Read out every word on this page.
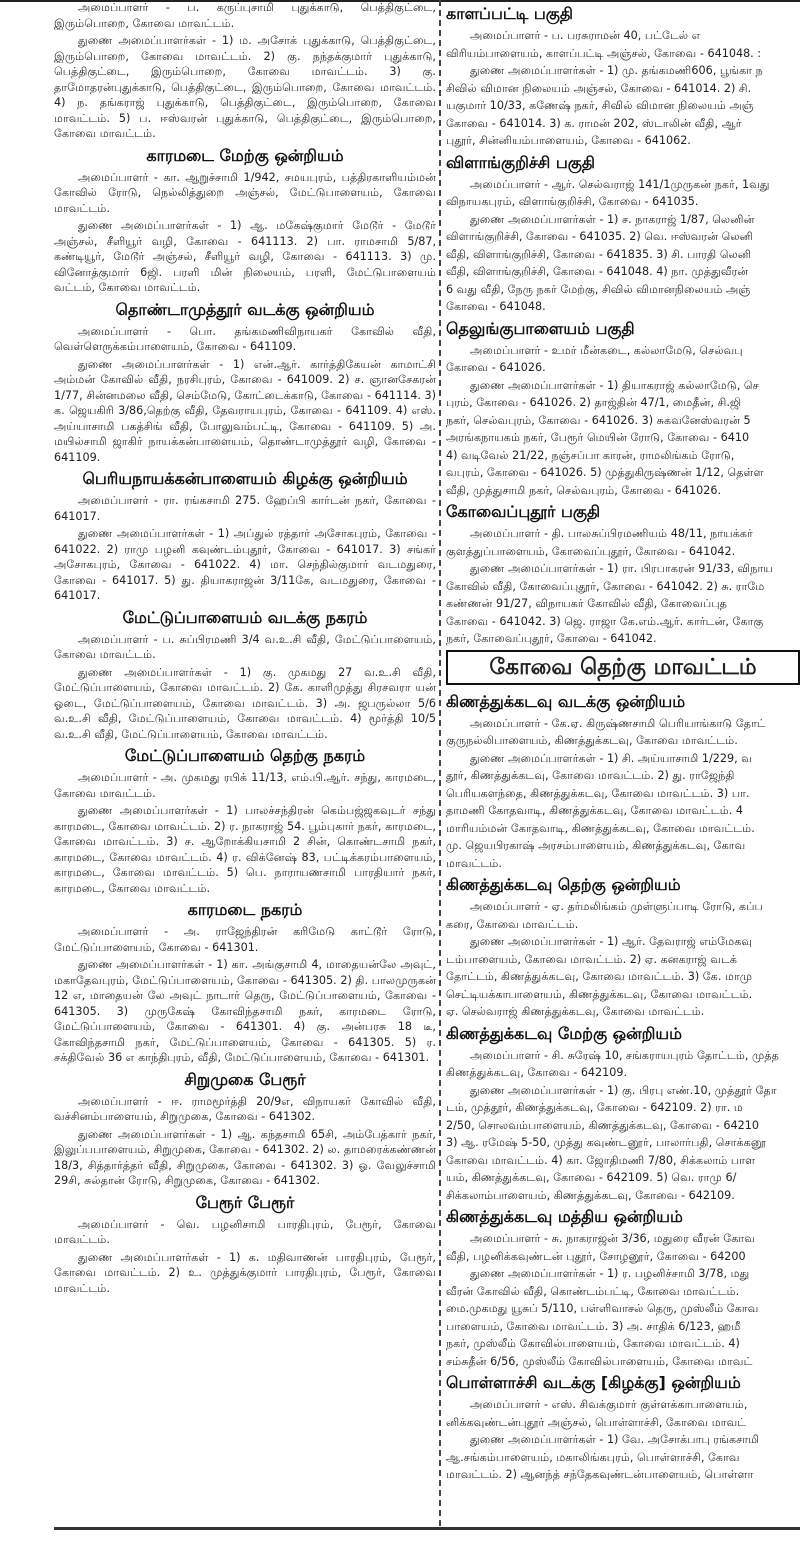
அமைப்பாளர் - ப. கருப்புசாமி புதுக்காடு, பெத்திகுட்டை, இரும்பொறை, கோவை மாவட்டம்.

துணை அமைப்பாளர்கள் - 1) ம. அசோக் புதுக்காடு, பெத்திகுட்டை, இரும்பொறை, கோவை மாவட்டம். 2) கு. நந்தக்குமார் புதுக்காடு, பெத்திகுட்டை, இரும்பொறை, கோவை மாவட்டம். 3) கு. தாமோதரன்புதுக்காடு, பெத்திகுட்டை, இரும்பொறை, கோவை மாவட்டம். 4) ந. தங்கராஜ் புதுக்காடு, பெத்திகுட்டை, இரும்பொறை, கோவை மாவட்டம். 5) ப. ஈஸ்வரன் புதுக்காடு, பெத்திகுட்டை, இரும்பொறை, கோவை மாவட்டம்.

காரமடை மேற்கு ஒன்றியம்

அமைப்பாளர் - கா. ஆறுச்சாமி 1/942, சமயபுரம், பத்திரகாளியம்மன் கோவில் ரோடு, நெல்லித்துறை அஞ்சல், மேட்டுபாளையம், கோவை மாவட்டம்.

துணை அமைப்பாளர்கள் - 1) ஆ. மகேஷ்குமார் மேடூர் - மேடூர் அஞ்சல், சீளியூர் வழி, கோவை - 641113. 2) பா. ராமசாமி 5/87, கண்டியூர், மேடூர் அஞ்சல், சீளியூர் வழி, கோவை - 641113. 3) மு. வினோத்குமார் 6ஜி. பரளி மின் நிலையம், பரளி, மேட்டுபாளையம் வட்டம், கோவை மாவட்டம்.

தொண்டாமுத்தூர் வடக்கு ஒன்றியம்

அமைப்பாளர் - பொ. தங்கமணிவிநாயகர் கோவில் வீதி, வெள்ளெருக்கம்பாளையம், கோவை - 641109.

துணை அமைப்பாளர்கள் - 1) என்.ஆர். கார்த்திகேயன் காமாட்சி அம்மன் கோவில் வீதி, நரசிபுரம், கோவை - 641009. 2) ச. ஞானசேகரன் 1/77, சின்னமலை வீதி, செம்மேடு, கோட்டைக்காடு, கோவை - 641114. 3) க. ஜெயகிரி 3/86,தெற்கு வீதி, தேவராயபுரம், கோவை - 641109. 4) எஸ். அய்யாசாமி பகத்சிங் வீதி, போலுவம்பட்டி, கோவை - 641109. 5) அ. மயில்சாமி ஜாகிர் நாயக்கன்பாளையம், தொண்டாமுத்தூர் வழி, கோவை - 641109.

பெரியநாயக்கன்பாளையம் கிழக்கு ஒன்றியம்

அமைப்பாளர் - ரா. ரங்கசாமி 275. ஹேப்பி கார்டன் நகர், கோவை - 641017.

துணை அமைப்பாளர்கள் - 1) அப்துல் ரத்தார் அசோகபுரம், கோவை - 641022. 2) ராமு பழனி கவுண்டம்புதூர், கோவை - 641017. 3) சங்கர் அசோகபுரம், கோவை - 641022. 4) மா. செந்தில்குமார் வடமதுரை, கோவை - 641017. 5) து. தியாகராஜன் 3/11கே, வடமதுரை, கோவை - 641017.

மேட்டுப்பாளையம் வடக்கு நகரம்

அமைப்பாளர் - ப. சுப்பிரமணி 3/4 வ.உ.சி வீதி, மேட்டுப்பாளையம், கோவை மாவட்டம்.

துணை அமைப்பாளர்கள் - 1) கு. முகமது 27 வ.உ.சி வீதி, மேட்டுப்பாளையம், கோவை மாவட்டம். 2) கே. காளிமுத்து சிரசவரா யன் ஓடை, மேட்டுப்பாளையம், கோவை மாவட்டம். 3) அ. ஜபருல்லா 5/6 வ.உ.சி வீதி, மேட்டுப்பாளையம், கோவை மாவட்டம். 4) மூர்த்தி 10/5 வ.உ.சி வீதி, மேட்டுப்பாளையம், கோவை மாவட்டம்.

மேட்டுப்பாளையம் தெற்கு நகரம்

அமைப்பாளர் - அ. முகமது ரபிக் 11/13, எம்.பி.ஆர். சந்து, காரமடை, கோவை மாவட்டம்.

துணை அமைப்பாளர்கள் - 1) பாலச்சந்திரன் கெம்பஜ்ஜகவுடர் சந்து காரமடை, கோவை மாவட்டம். 2) ர. நாகராஜ் 54. பூம்புகார் நகர், காரமடை, கோவை மாவட்டம். 3) ச. ஆறோக்கியசாமி 2 சின், கொண்டசாமி நகர், காரமடை, கோவை மாவட்டம். 4) ர. விக்னேஷ் 83, பட்டிக்கரம்பாளையம், காரமடை, கோவை மாவட்டம். 5) பெ. நாராயணசாமி பாரதியார் நகர், காரமடை, கோவை மாவட்டம்.

காரமடை நகரம்

அமைப்பாளர் - அ. ராஜேந்திரன் கரிமேடு காட்டூர் ரோடு, மேட்டுப்பாளையம், கோவை - 641301.

துணை அமைப்பாளர்கள் - 1) கா. அங்குசாமி 4, மாதையன்லே அவுட், மகாதேவபுரம், மேட்டுப்பாளையம், கோவை - 641305. 2) தி. பாலமுருகன் 12 எ, மாதையன் லே அவுட் நாடார் தெரு, மேட்டுப்பாளையம், கோவை - 641305. 3) முருகேஷ் கோவிந்தசாமி நகர், காரமடை ரோடு, மேட்டுப்பாளையம், கோவை - 641301. 4) கு. அன்பரசு 18 டீ, கோவிந்தசாமி நகர், மேட்டுப்பாளையம், கோவை - 641305. 5) ர. சக்திவேல் 36 எ காந்திபுரம், வீதி, மேட்டுப்பாளையம், கோவை - 641301.

சிறுமுகை பேரூர்

அமைப்பாளர் - ஈ. ராமமூர்த்தி 20/9எ, விநாயகர் கோவில் வீதி, வச்சினம்பாளையம், சிறுமுகை, கோவை - 641302.

துணை அமைப்பாளர்கள் - 1) ஆ. கந்தசாமி 65சி, அம்பேத்கார் நகர், இலுப்பபாளையம், சிறுமுகை, கோவை - 641302. 2) ல. தாமரைக்கண்ணன் 18/3, சித்தார்த்தர் வீதி, சிறுமுகை, கோவை - 641302. 3) ஓ. வேலுச்சாமி 29சி, சுல்தான் ரோடு, சிறுமுகை, கோவை - 641302.

பேரூர் பேரூர்

அமைப்பாளர் - வெ. பழனிசாமி பாரதிபுரம், பேரூர், கோவை மாவட்டம்.

துணை அமைப்பாளர்கள் - 1) க. மதிவாணன் பாரதிபுரம், பேரூர், கோவை மாவட்டம். 2) உ. முத்துக்குமார் பாரதிபுரம், பேரூர், கோவை மாவட்டம்.

காளப்பட்டி பகுதி
அமைப்பாளர் - ப. பரசுராமன் 40, பட்டேல் எ
விரியம்பாளையம், காளப்பட்டி அஞ்சல், கோவை - 641048. :
துணை அமைப்பாளர்கள் - 1) மு. தங்கமணி606, பூங்கா ந
சிவில் விமான நிலையம் அஞ்சல், கோவை - 641014. 2) சி.
யகுமார் 10/33, கணேஷ் நகர், சிவில் விமான நிலையம் அஞ்
கோவை - 641014. 3) க. ராமன் 202, ஸ்டாலின் வீதி, ஆர்
புதூர், சின்னியம்பாளையம், கோவை - 641062.
விளாங்குறிச்சி பகுதி
அமைப்பாளர் - ஆர். செல்வராஜ் 141/1முருகன் நகர், 1வது
விநாயகபுரம், விளாங்குறிச்சி, கோவை - 641035.
துணை அமைப்பாளர்கள் - 1) ச. நாகராஜ் 1/87, லெனின்
விளாங்குறிச்சி, கோவை - 641035. 2) வெ. ஈஸ்வரன் லெனி
வீதி, விளாங்குறிச்சி, கோவை - 641835. 3) சி. பாரதி லெனி
வீதி, விளாங்குறிச்சி, கோவை - 641048. 4) நா. முத்துவீரன்
6 வது வீதி, நேரு நகர் மேற்கு, சிவில் விமானநிலையம் அஞ்
கோவை - 641048.
தெலுங்குபாளையம் பகுதி
அமைப்பாளர் - உமர் மீன்கடை, கல்லாமேடு, செல்வபு
கோவை - 641026.
துணை அமைப்பாளர்கள் - 1) தியாகராஜ் கல்லாமேடு, செ
புரம், கோவை - 641026. 2) தாஜ்தின் 47/1, மைதீன், சி.ஜி
நகர், செல்வபுரம், கோவை - 641026. 3) சுகவனேஸ்வரன் 5
அரங்கநாயகம் நகர், பேரூர் மெயின் ரோடு, கோவை - 6410
4) வடிவேல் 21/22, நஞ்சப்பா காரன், ராமலிங்கம் ரோடு,
வபுரம், கோவை - 641026. 5) முத்துகிருஷ்ணன் 1/12, தெள்ள
வீதி, முத்துசாமி நகர், செல்வபுரம், கோவை - 641026.
கோவைப்புதூர் பகுதி
அமைப்பாளர் - தி. பாலசுப்பிரமணியம் 48/11, நாயக்கர்
குளத்துப்பாளையம், கோவைப்புதூர், கோவை - 641042.
துணை அமைப்பாளர்கள் - 1) ரா. பிரபாகரன் 91/33, விநாய
கோவில் வீதி, கோவைப்புதூர், கோவை - 641042. 2) சு. ராமே
கண்ணன் 91/27, விநாயகர் கோவில் வீதி, கோவைப்புத
கோவை - 641042. 3) ஜெ. ராஜா கே.எம்.ஆர். கார்டன், கோகு
நகர், கோவைப்புதூர், கோவை - 641042.
கோவை தெற்கு மாவட்டம்
கிணத்துக்கடவு வடக்கு ஒன்றியம்
அமைப்பாளர் - கே.ஏ. கிருஷ்ணசாமி பெரியாங்காடு தோட்
குருநல்லிபாளையம், கிணத்துக்கடவு, கோவை மாவட்டம்.
துணை அமைப்பாளர்கள் - 1) சி. அய்யாசாமி 1/229, வ
தூர், கிணத்துக்கடவு, கோவை மாவட்டம். 2) து. ராஜேந்தி
பெரியகளந்தை, கிணத்துக்கடவு, கோவை மாவட்டம். 3) பா.
தாமணி கோதவாடி, கிணத்துக்கடவு, கோவை மாவட்டம். 4
மாரியம்மன் கோதவாடி, கிணத்துக்கடவு, கோவை மாவட்டம்.
மு. ஜெயபிரகாஷ் அரசம்பாளையம், கிணத்துக்கடவு, கோவ
மாவட்டம்.
கிணத்துக்கடவு தெற்கு ஒன்றியம்
அமைப்பாளர் - ஏ. தர்மலிங்கம் முள்ளுப்பாடி ரோடு, கப்ப
கரை, கோவை மாவட்டம்.
துணை அமைப்பாளர்கள் - 1) ஆர். தேவராஜ் எம்மேகவு
டம்பாளையம், கோவை மாவட்டம். 2) ஏ. கனகராஜ் வடக்
தோட்டம், கிணத்துக்கடவு, கோவை மாவட்டம். 3) கே. மாமு
செட்டியக்காபாளையம், கிணத்துக்கடவு, கோவை மாவட்டம்.
ஏ. செல்வராஜ் கிணத்துக்கடவு, கோவை மாவட்டம்.
கிணத்துக்கடவு மேற்கு ஒன்றியம்
அமைப்பாளர் - சி. சுரேஷ் 10, சங்கராயபுரம் தோட்டம், முத்த
கிணத்துக்கடவு, கோவை - 642109.
துணை அமைப்பாளர்கள் - 1) கு. பிரபு எண்.10, முத்தூர் தோ
டம், முத்தூர், கிணத்துக்கடவு, கோவை - 642109. 2) ரா. ம
2/50, சொலவம்பாளையம், கிணத்துக்கடவு, கோவை - 64210
3) ஆ. ரமேஷ் 5-50, முத்து கவுண்டனூர், பாலார்பதி, சொக்கனூ
கோவை மாவட்டம். 4) கா. ஜோதிமணி 7/80, சிக்கலாம் பாள
யம், கிணத்துக்கடவு, கோவை - 642109. 5) வெ. ராமு 6/
சிக்கலாம்பாளையம், கிணத்துக்கடவு, கோவை - 642109.
கிணத்துக்கடவு மத்திய ஒன்றியம்
அமைப்பாளர் - சு. நாகராஜன் 3/36, மதுரை வீரன் கோவ
வீதி, பழனிக்கவுண்டன் புதூர், சோழனூர், கோவை - 64200
துணை அமைப்பாளர்கள் - 1) ர. பழனிச்சாமி 3/78, மது
வீரன் கோவில் வீதி, கொண்டம்பட்டி, கோவை மாவட்டம்.
மை.முகமது யூசுப் 5/110, பள்ளிவாசல் தெரு, முஸ்லீம் கோவ
பாளையம், கோவை மாவட்டம். 3) அ. சாதிக் 6/123, ஹமீ
நகர், முஸ்லீம் கோவில்பாளையம், கோவை மாவட்டம். 4)
சம்சுதீன் 6/56, முஸ்லீம் கோவில்பாளையம், கோவை மாவட்
பொள்ளாச்சி வடக்கு [கிழக்கு] ஒன்றியம்
அமைப்பாளர் - எஸ். சிவக்குமார் குள்ளக்காபாளையம்,
னிக்கவுண்டன்புதூர் அஞ்சல், பொள்ளாச்சி, கோவை மாவட்
துணை அமைப்பாளர்கள் - 1) வே. அசோக்பாபு ரங்கசாமி
ஆ.சங்கம்பாளையம், மகாலிங்கபுரம், பொள்ளாச்சி, கோவ
மாவட்டம். 2) ஆனந்த் சந்தேகவுண்டன்பாளையம், பொள்ளா
